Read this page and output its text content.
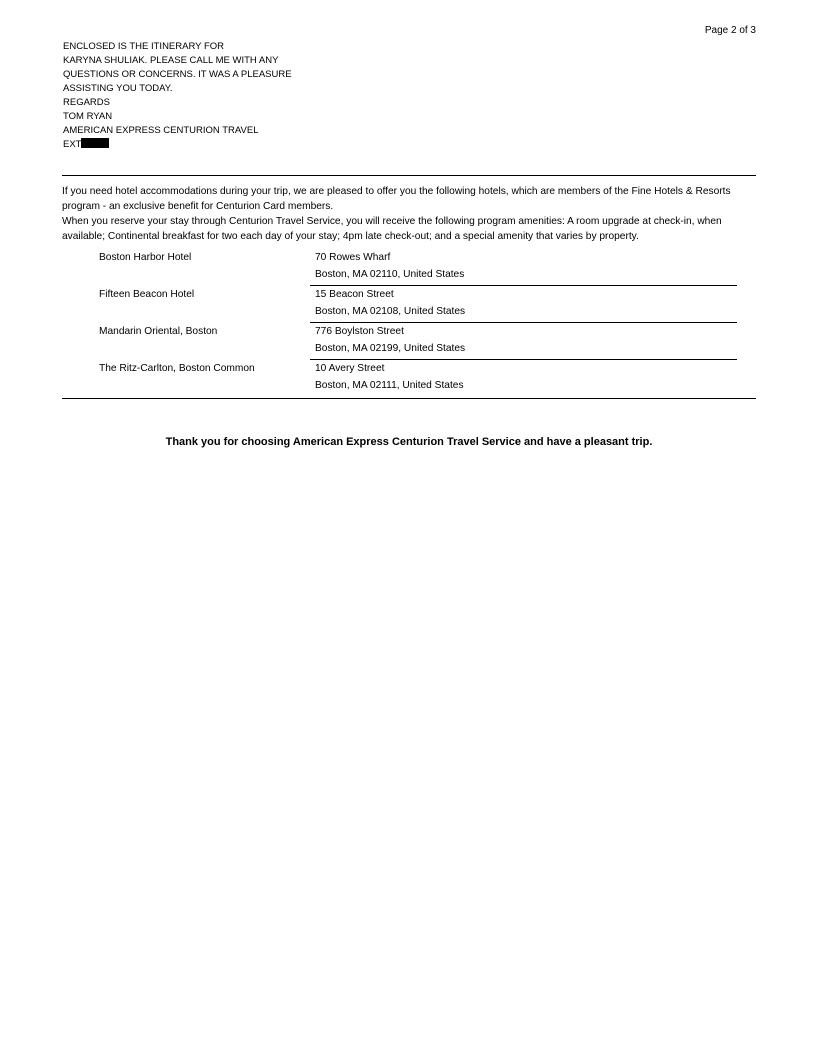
Page 2 of 3
ENCLOSED IS THE ITINERARY FOR
KARYNA SHULIAK. PLEASE CALL ME WITH ANY
QUESTIONS OR CONCERNS. IT WAS A PLEASURE
ASSISTING YOU TODAY.
REGARDS
TOM RYAN
AMERICAN EXPRESS CENTURION TRAVEL
EXT

If you need hotel accommodations during your trip, we are pleased to offer you the following hotels, which are members of the Fine Hotels & Resorts program - an exclusive benefit for Centurion Card members.

When you reserve your stay through Centurion Travel Service, you will receive the following program amenities: A room upgrade at check-in, when available; Continental breakfast for two each day of your stay; 4pm late check-out; and a special amenity that varies by property.

Boston Harbor Hotel	70 Rowes Wharf
Boston, MA 02110, United States
Fifteen Beacon Hotel	15 Beacon Street
Boston, MA 02108, United States
Mandarin Oriental, Boston	776 Boylston Street
Boston, MA 02199, United States
The Ritz-Carlton, Boston Common	10 Avery Street
Boston, MA 02111, United States
Thank you for choosing American Express Centurion Travel Service and have a pleasant trip.
